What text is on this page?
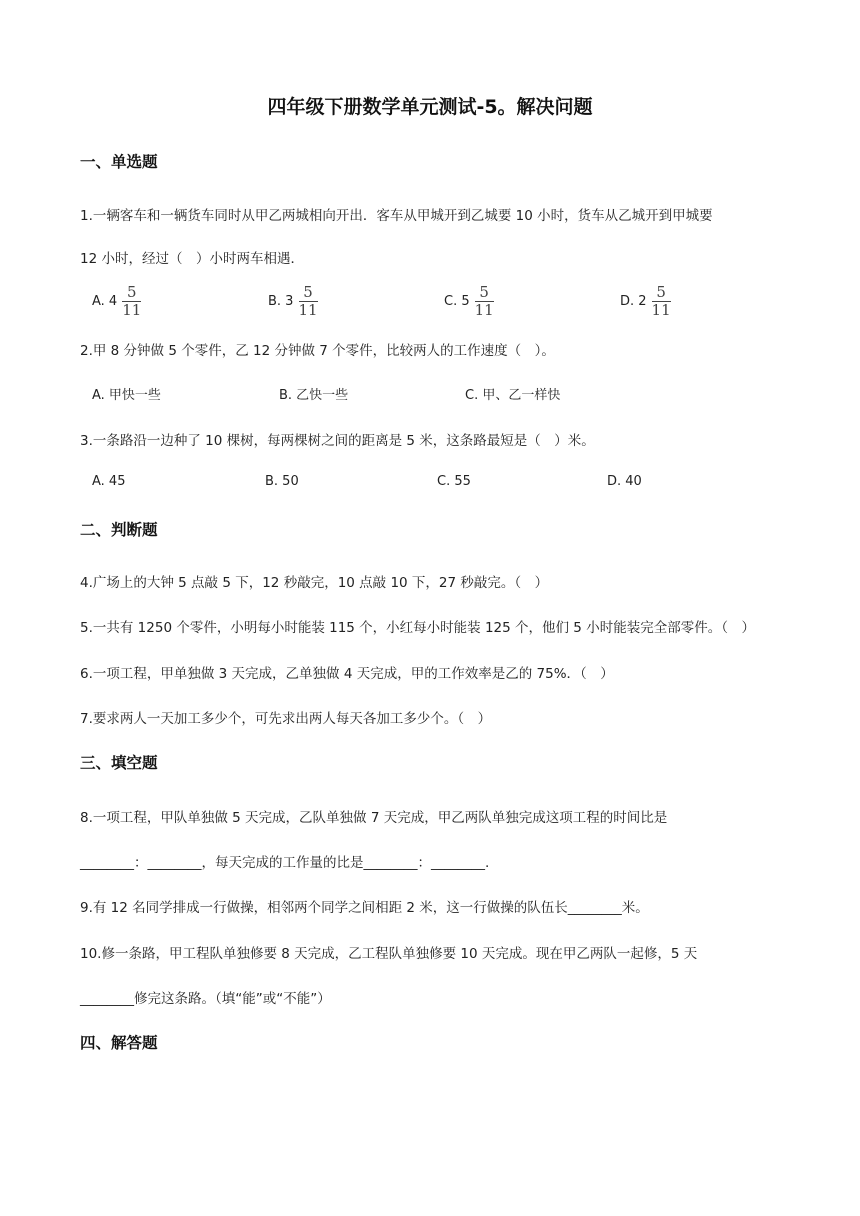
四年级下册数学单元测试-5。解决问题
一、单选题
1.一辆客车和一辆货车同时从甲乙两城相向开出．客车从甲城开到乙城要 10 小时，货车从乙城开到甲城要
12 小时，经过（　）小时两车相遇．
A. $4 \frac{5}{11}$	B. $3 \frac{5}{11}$	C. $5 \frac{5}{11}$	D. $2 \frac{5}{11}$
2.甲 8 分钟做 5 个零件，乙 12 分钟做 7 个零件，比较两人的工作速度（　）。
A. 甲快一些	B. 乙快一些	C. 甲、乙一样快
3.一条路沿一边种了 10 棵树，每两棵树之间的距离是 5 米，这条路最短是（　）米。
A. 45	B. 50	C. 55	D. 40
二、判断题
4.广场上的大钟 5 点敲 5 下，12 秒敲完，10 点敲 10 下，27 秒敲完。（　）
5.一共有 1250 个零件，小明每小时能装 115 个，小红每小时能装 125 个，他们 5 小时能装完全部零件。（　）
6.一项工程，甲单独做 3 天完成，乙单独做 4 天完成，甲的工作效率是乙的 75%．（　）
7.要求两人一天加工多少个，可先求出两人每天各加工多少个。（　）
三、填空题
8.一项工程，甲队单独做 5 天完成，乙队单独做 7 天完成，甲乙两队单独完成这项工程的时间比是
________：________，每天完成的工作量的比是________：________.
9.有 12 名同学排成一行做操，相邻两个同学之间相距 2 米，这一行做操的队伍长________米。
10.修一条路，甲工程队单独修要 8 天完成，乙工程队单独修要 10 天完成。现在甲乙两队一起修，5 天
________修完这条路。（填“能”或“不能”）
四、解答题
